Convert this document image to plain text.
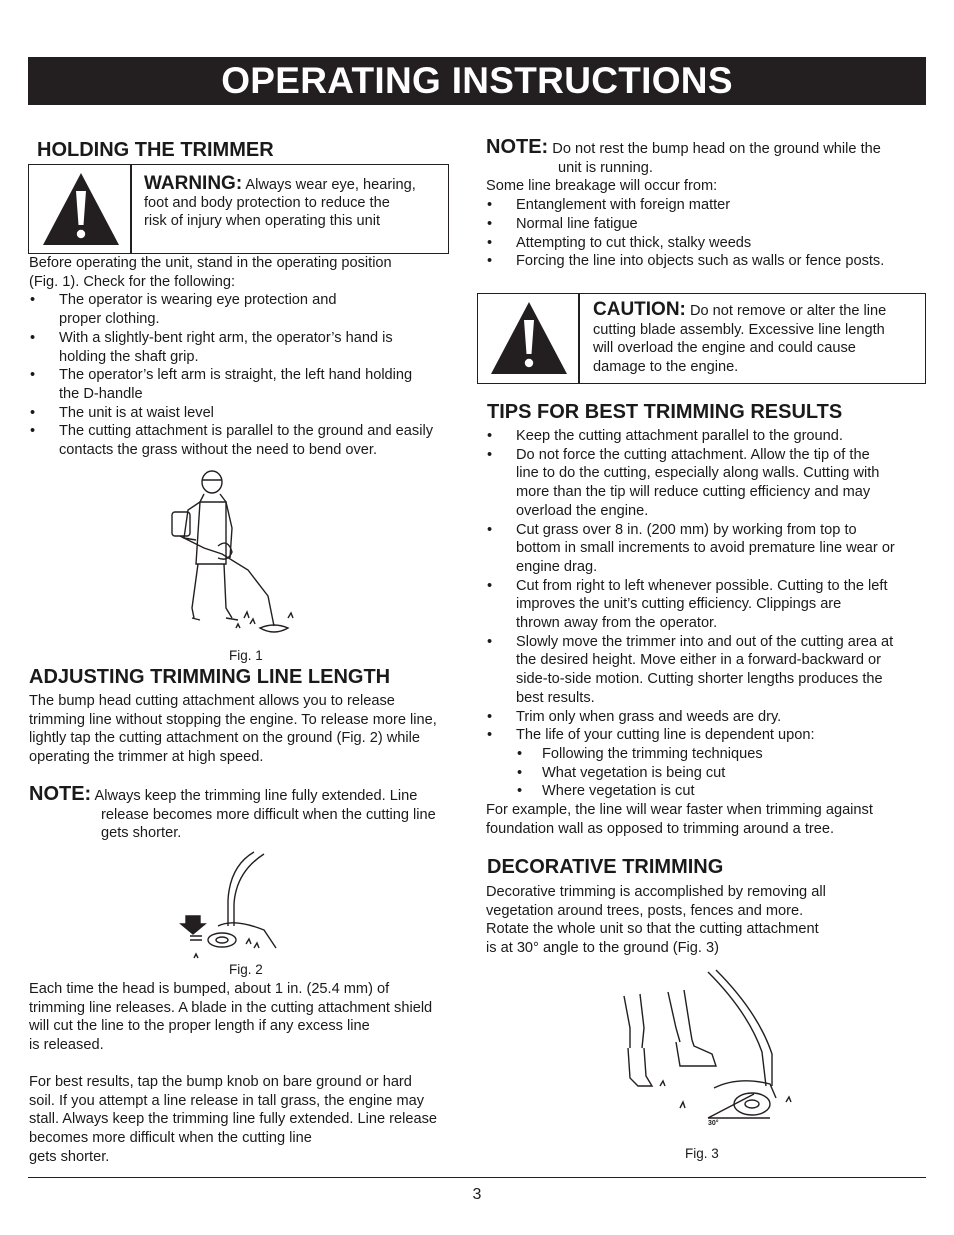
OPERATING INSTRUCTIONS
HOLDING THE TRIMMER
WARNING: Always wear eye, hearing,
foot and body protection to reduce the
risk of injury when operating this unit
Before operating the unit, stand in the operating position
(Fig. 1). Check for the following:
• The operator is wearing eye protection and
proper clothing.
• With a slightly-bent right arm, the operator’s hand is
holding the shaft grip.
• The operator’s left arm is straight, the left hand holding
the D-handle
• The unit is at waist level
• The cutting attachment is parallel to the ground and easily
contacts the grass without the need to bend over.
Fig. 1
ADJUSTING TRIMMING LINE LENGTH
The bump head cutting attachment allows you to release
trimming line without stopping the engine. To release more line,
lightly tap the cutting attachment on the ground (Fig. 2) while
operating the trimmer at high speed.
NOTE: Always keep the trimming line fully extended. Line
release becomes more difficult when the cutting line
gets shorter.
Fig. 2
Each time the head is bumped, about 1 in. (25.4 mm) of
trimming line releases. A blade in the cutting attachment shield
will cut the line to the proper length if any excess line
is released.
For best results, tap the bump knob on bare ground or hard
soil. If you attempt a line release in tall grass, the engine may
stall. Always keep the trimming line fully extended. Line release
becomes more difficult when the cutting line
gets shorter.
NOTE: Do not rest the bump head on the ground while the
unit is running.
Some line breakage will occur from:
• Entanglement with foreign matter
• Normal line fatigue
• Attempting to cut thick, stalky weeds
• Forcing the line into objects such as walls or fence posts.
CAUTION: Do not remove or alter the line
cutting blade assembly. Excessive line length
will overload the engine and could cause
damage to the engine.
TIPS FOR BEST TRIMMING RESULTS
• Keep the cutting attachment parallel to the ground.
• Do not force the cutting attachment. Allow the tip of the
line to do the cutting, especially along walls. Cutting with
more than the tip will reduce cutting efficiency and may
overload the engine.
• Cut grass over 8 in. (200 mm) by working from top to
bottom in small increments to avoid premature line wear or
engine drag.
• Cut from right to left whenever possible. Cutting to the left
improves the unit’s cutting efficiency. Clippings are
thrown away from the operator.
• Slowly move the trimmer into and out of the cutting area at
the desired height. Move either in a forward-backward or
side-to-side motion. Cutting shorter lengths produces the
best results.
• Trim only when grass and weeds are dry.
• The life of your cutting line is dependent upon:
• Following the trimming techniques
• What vegetation is being cut
• Where vegetation is cut
For example, the line will wear faster when trimming against
foundation wall as opposed to trimming around a tree.
DECORATIVE TRIMMING
Decorative trimming is accomplished by removing all
vegetation around trees, posts, fences and more.
Rotate the whole unit so that the cutting attachment
is at 30° angle to the ground (Fig. 3)
30°
Fig. 3
3
